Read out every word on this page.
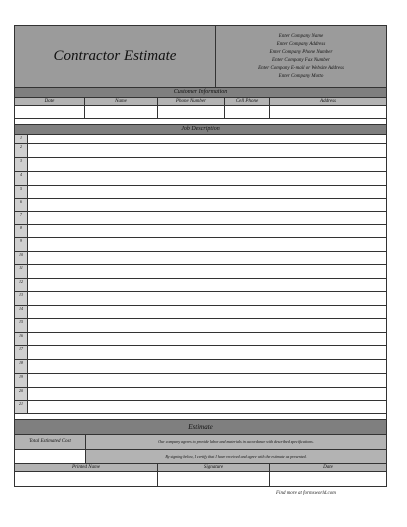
Contractor Estimate
Enter Company Name
Enter Company Address
Enter Company Phone Number
Enter Company Fax Number
Enter Company E-mail or Website Address
Enter Company Motto
Customer Information
Date	Name	Phone Number	Cell Phone	Address
Job Description
1
2
3
4
5
6
7
8
9
10
11
12
13
14
15
16
17
18
19
20
21
Estimate
Total Estimated Cost	Our company agrees to provide labor and materials in accordance with described specifications.
By signing below, I certify that I have received and agree with the estimate as presented.
Printed Name	Signature	Date
Find more at formsworld.com
